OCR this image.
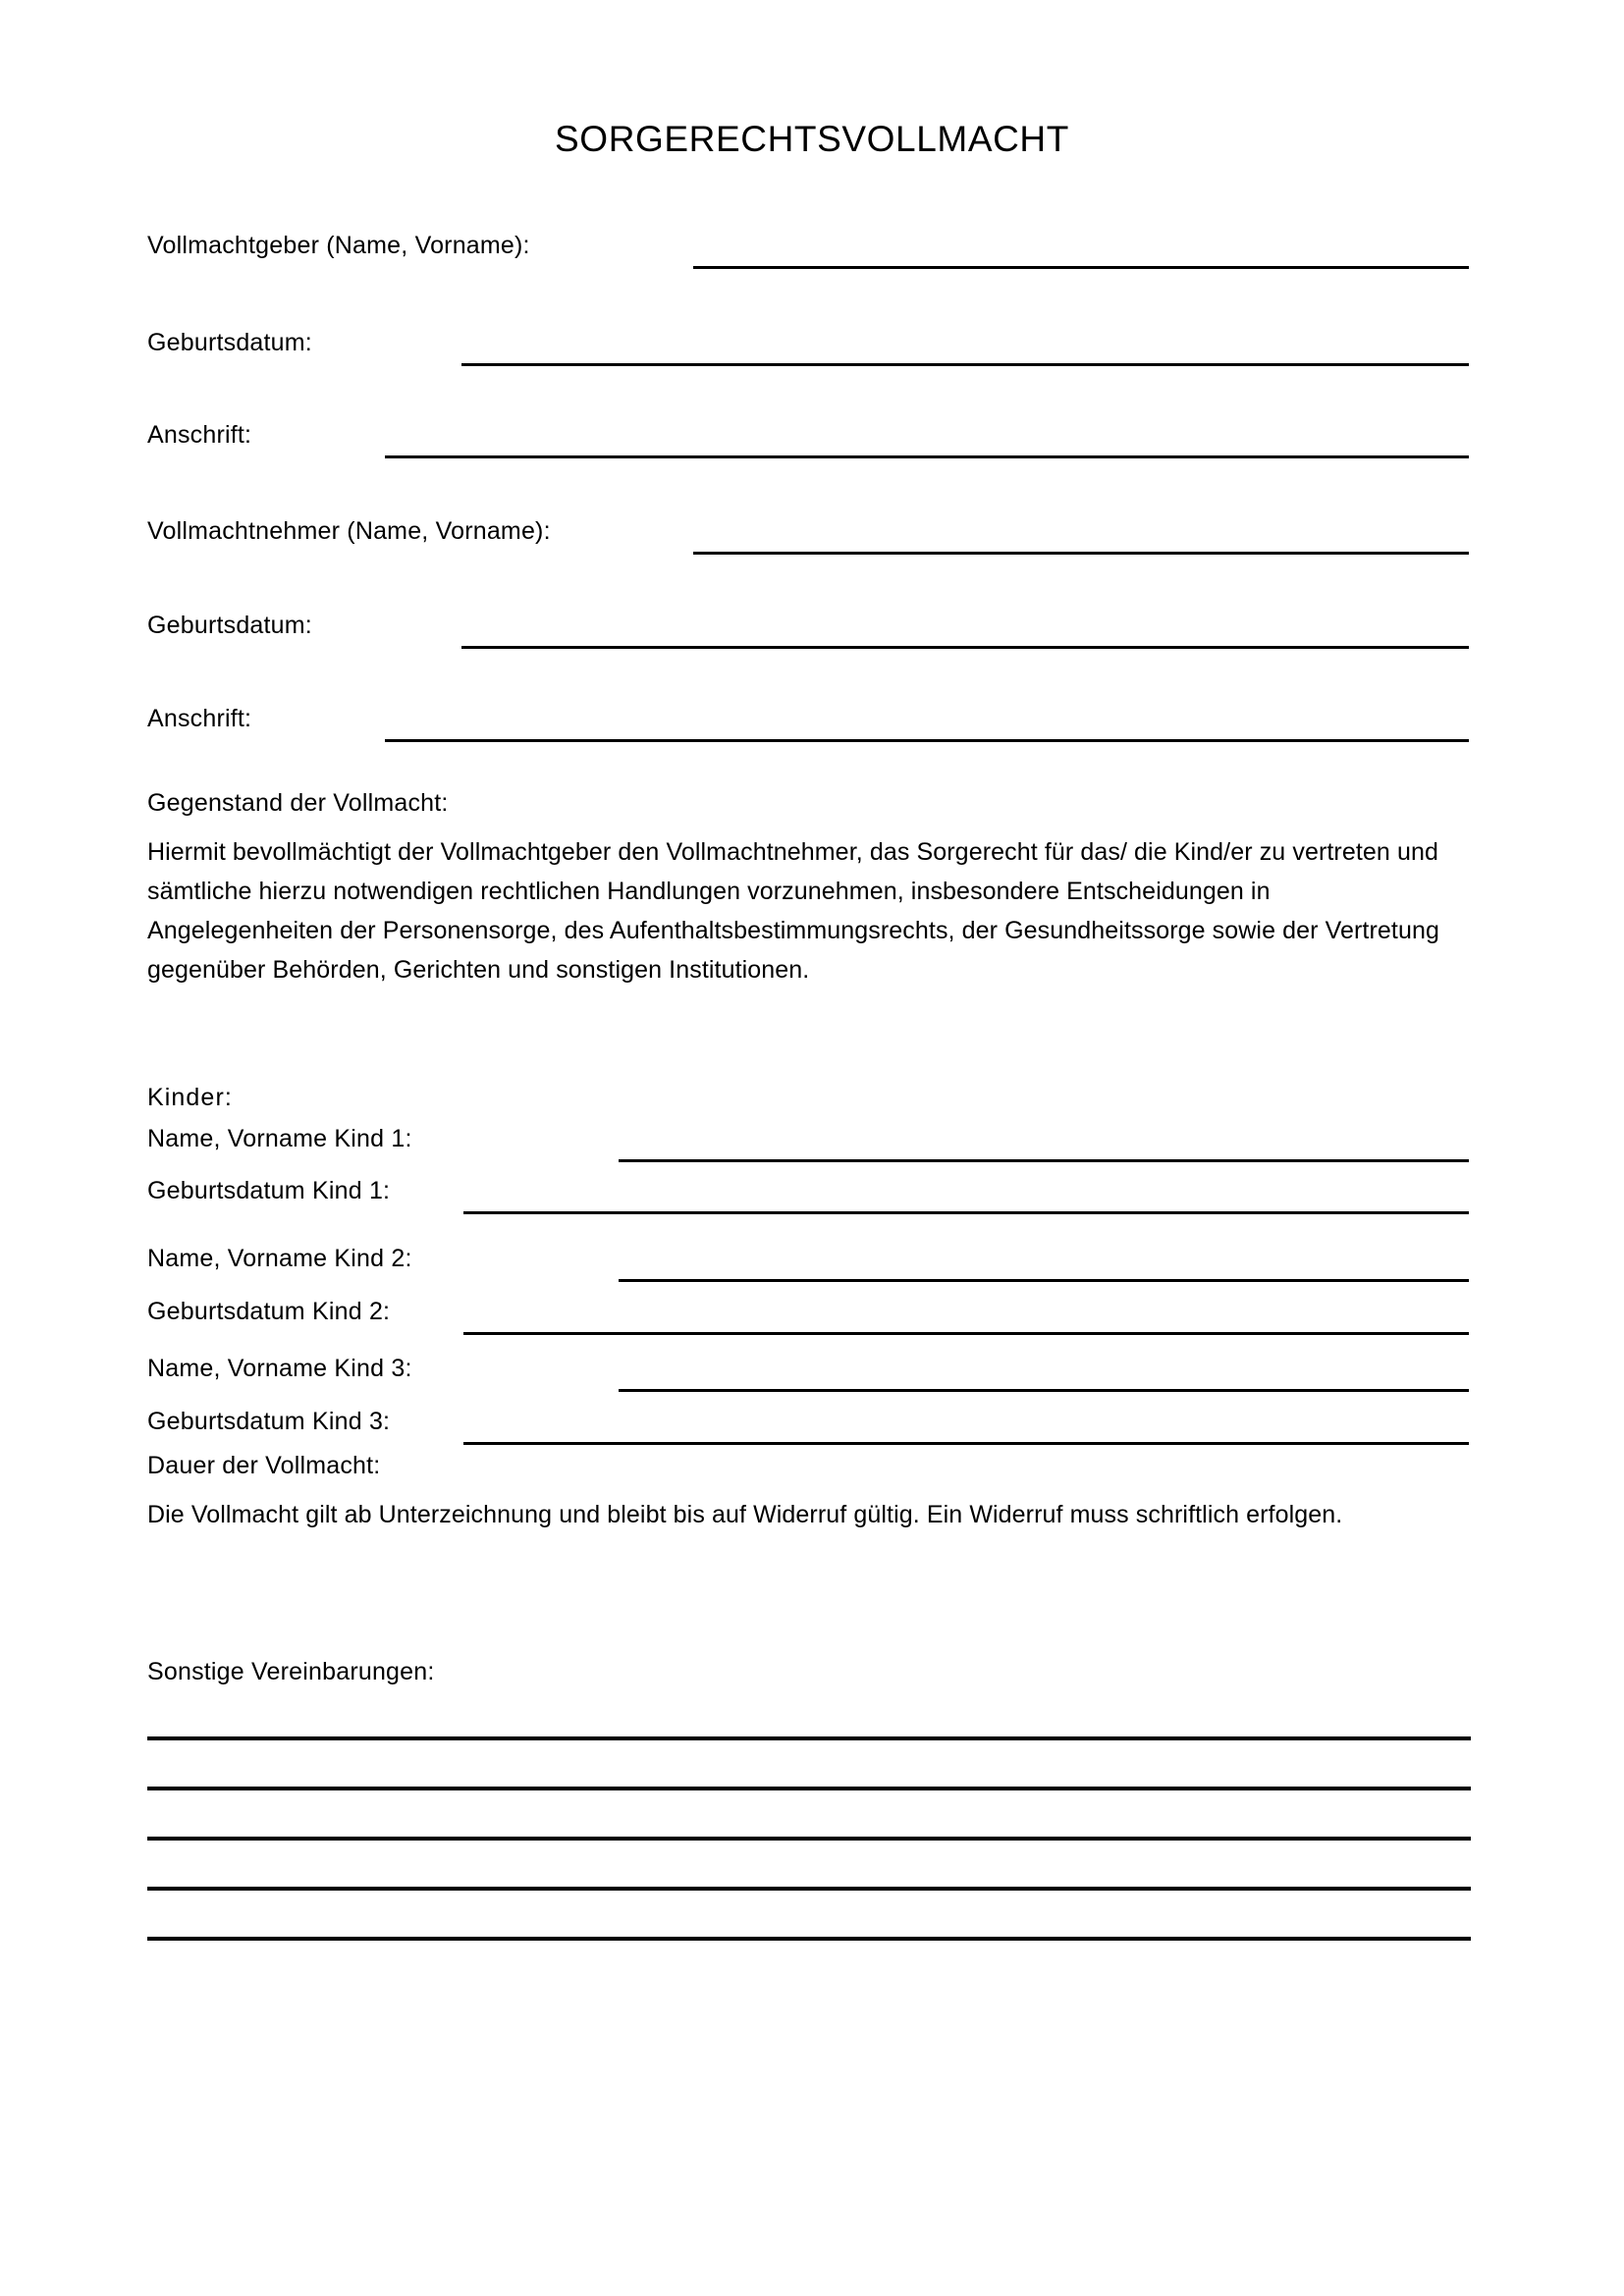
SORGERECHTSVOLLMACHT
Vollmachtgeber (Name, Vorname):
Geburtsdatum:
Anschrift:
Vollmachtnehmer (Name, Vorname):
Geburtsdatum:
Anschrift:
Gegenstand der Vollmacht:
Hiermit bevollmächtigt der Vollmachtgeber den Vollmachtnehmer, das Sorgerecht für das/ die Kind/er zu vertreten und sämtliche hierzu notwendigen rechtlichen Handlungen vorzunehmen, insbesondere Entscheidungen in Angelegenheiten der Personensorge, des Aufenthaltsbestimmungsrechts, der Gesundheitssorge sowie der Vertretung gegenüber Behörden, Gerichten und sonstigen Institutionen.
Kinder:
Name, Vorname Kind 1:
Geburtsdatum Kind 1:
Name, Vorname Kind 2:
Geburtsdatum Kind 2:
Name, Vorname Kind 3:
Geburtsdatum Kind 3:
Dauer der Vollmacht:
Die Vollmacht gilt ab Unterzeichnung und bleibt bis auf Widerruf gültig. Ein Widerruf muss schriftlich erfolgen.
Sonstige Vereinbarungen:
